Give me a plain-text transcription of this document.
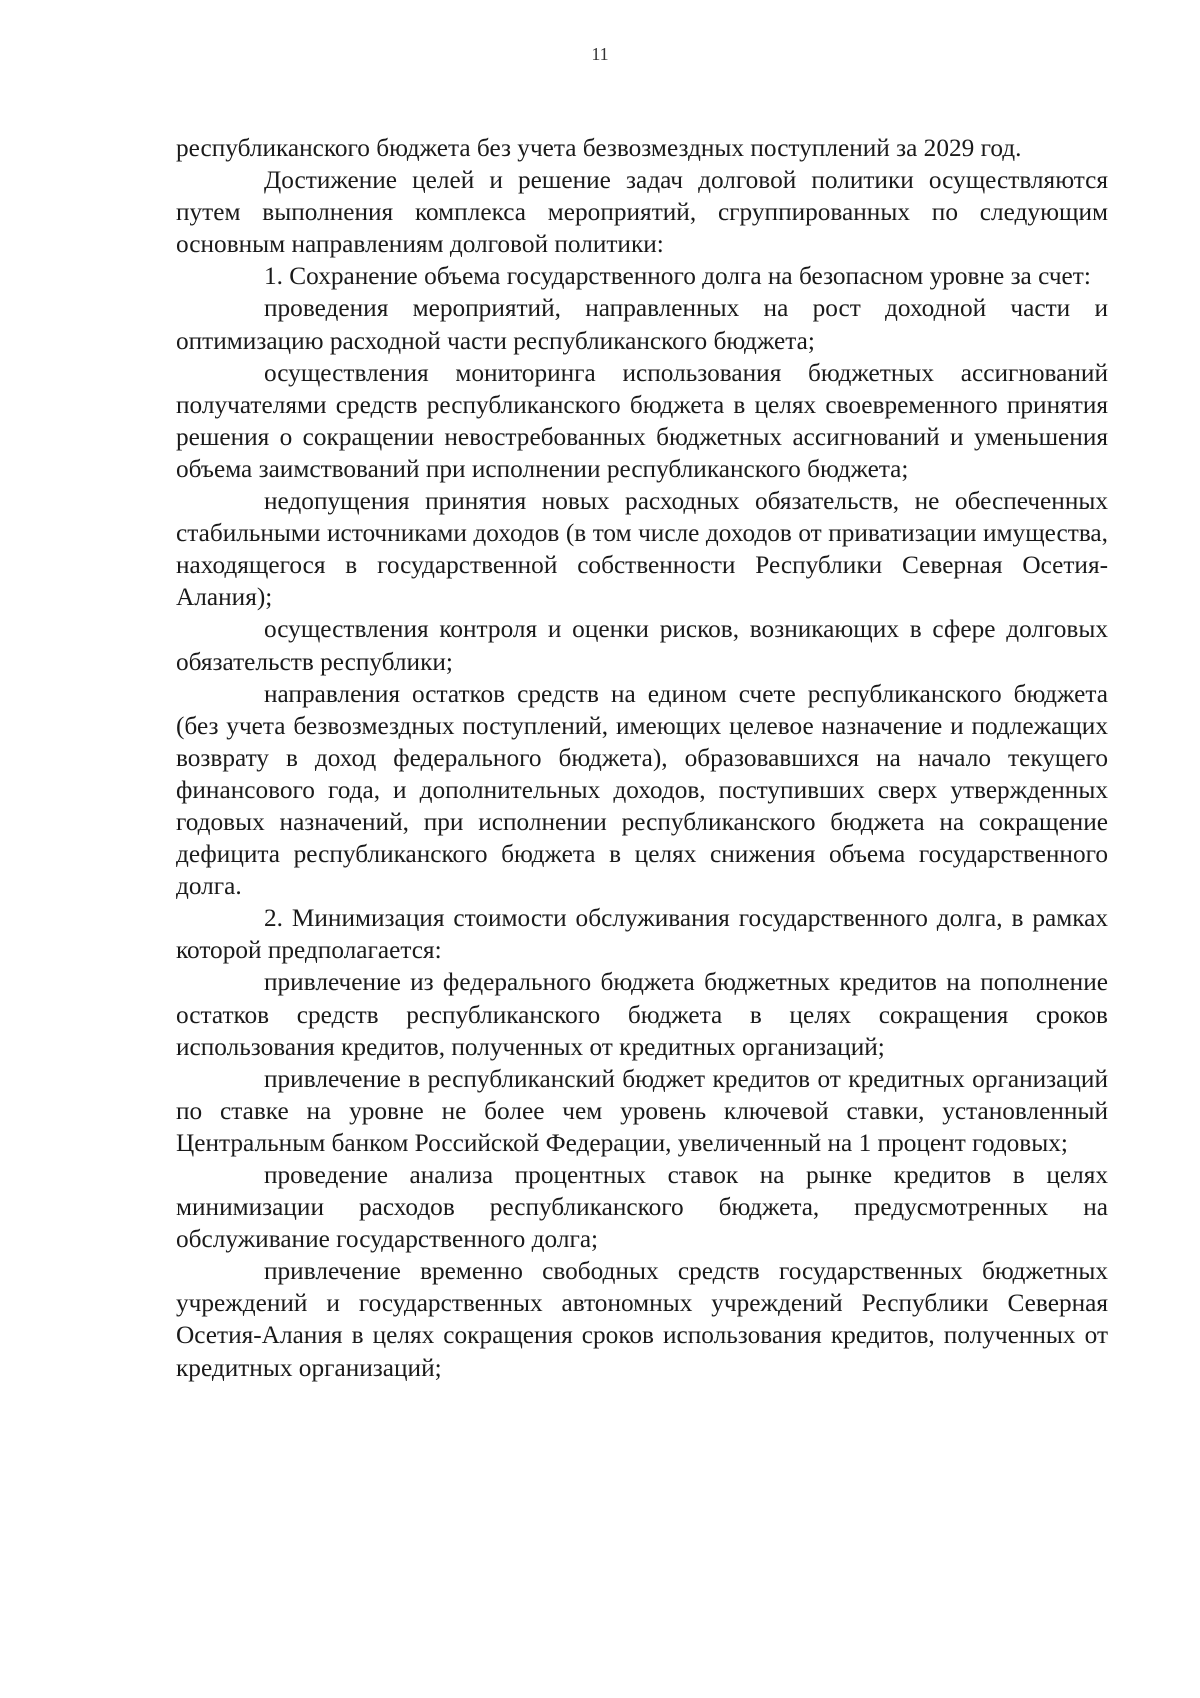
11

республиканского бюджета без учета безвозмездных поступлений за 2029 год.

Достижение целей и решение задач долговой политики осуществляются путем выполнения комплекса мероприятий, сгруппированных по следующим основным направлениям долговой политики:

1. Сохранение объема государственного долга на безопасном уровне за счет:

проведения мероприятий, направленных на рост доходной части и оптимизацию расходной части республиканского бюджета;

осуществления мониторинга использования бюджетных ассигнований получателями средств республиканского бюджета в целях своевременного принятия решения о сокращении невостребованных бюджетных ассигнований и уменьшения объема заимствований при исполнении республиканского бюджета;

недопущения принятия новых расходных обязательств, не обеспеченных стабильными источниками доходов (в том числе доходов от приватизации имущества, находящегося в государственной собственности Республики Северная Осетия-Алания);

осуществления контроля и оценки рисков, возникающих в сфере долговых обязательств республики;

направления остатков средств на едином счете республиканского бюджета (без учета безвозмездных поступлений, имеющих целевое назначение и подлежащих возврату в доход федерального бюджета), образовавшихся на начало текущего финансового года, и дополнительных доходов, поступивших сверх утвержденных годовых назначений, при исполнении республиканского бюджета на сокращение дефицита республиканского бюджета в целях снижения объема государственного долга.

2. Минимизация стоимости обслуживания государственного долга, в рамках которой предполагается:

привлечение из федерального бюджета бюджетных кредитов на пополнение остатков средств республиканского бюджета в целях сокращения сроков использования кредитов, полученных от кредитных организаций;

привлечение в республиканский бюджет кредитов от кредитных организаций по ставке на уровне не более чем уровень ключевой ставки, установленный Центральным банком Российской Федерации, увеличенный на 1 процент годовых;

проведение анализа процентных ставок на рынке кредитов в целях минимизации расходов республиканского бюджета, предусмотренных на обслуживание государственного долга;

привлечение временно свободных средств государственных бюджетных учреждений и государственных автономных учреждений Республики Северная Осетия-Алания в целях сокращения сроков использования кредитов, полученных от кредитных организаций;
